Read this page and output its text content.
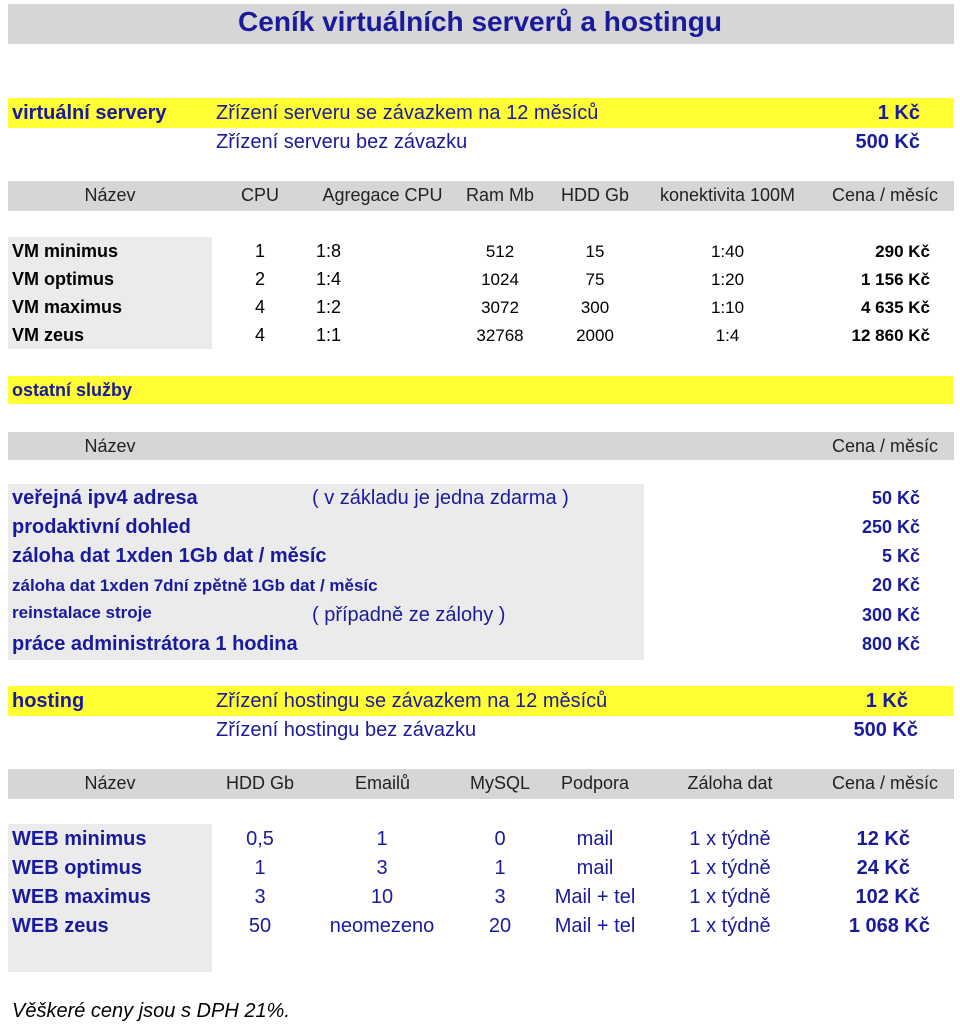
Ceník virtuálních serverů a hostingu
virtuální servery Zřízení serveru se závazkem na 12 měsíců	1 Kč
Zřízení serveru bez závazku	500 Kč
Název	CPU	Agregace CPU	Ram Mb	HDD Gb	konektivita 100M	Cena / měsíc
VM minimus	1	1:8	512	15	1:40	290 Kč
VM optimus	2	1:4	1024	75	1:20	1 156 Kč
VM maximus	4	1:2	3072	300	1:10	4 635 Kč
VM zeus	4	1:1	32768	2000	1:4	12 860 Kč
ostatní služby
Název	Cena / měsíc
veřejná ipv4 adresa	( v základu je jedna zdarma )	50 Kč
prodaktivní dohled	250 Kč
záloha dat 1xden 1Gb dat / měsíc	5 Kč
záloha dat 1xden 7dní zpětně 1Gb dat / měsíc	20 Kč
reinstalace stroje	( případně ze zálohy )	300 Kč
práce administrátora 1 hodina	800 Kč
hosting	Zřízení hostingu se závazkem na 12 měsíců	1 Kč
Zřízení hostingu bez závazku	500 Kč
Název	HDD Gb	Emailů	MySQL	Podpora	Záloha dat	Cena / měsíc
WEB minimus	0,5	1	0	mail	1 x týdně	12 Kč
WEB optimus	1	3	1	mail	1 x týdně	24 Kč
WEB maximus	3	10	3	Mail + tel	1 x týdně	102 Kč
WEB zeus	50	neomezeno	20	Mail + tel	1 x týdně	1 068 Kč
Věškeré ceny jsou s DPH 21%.
